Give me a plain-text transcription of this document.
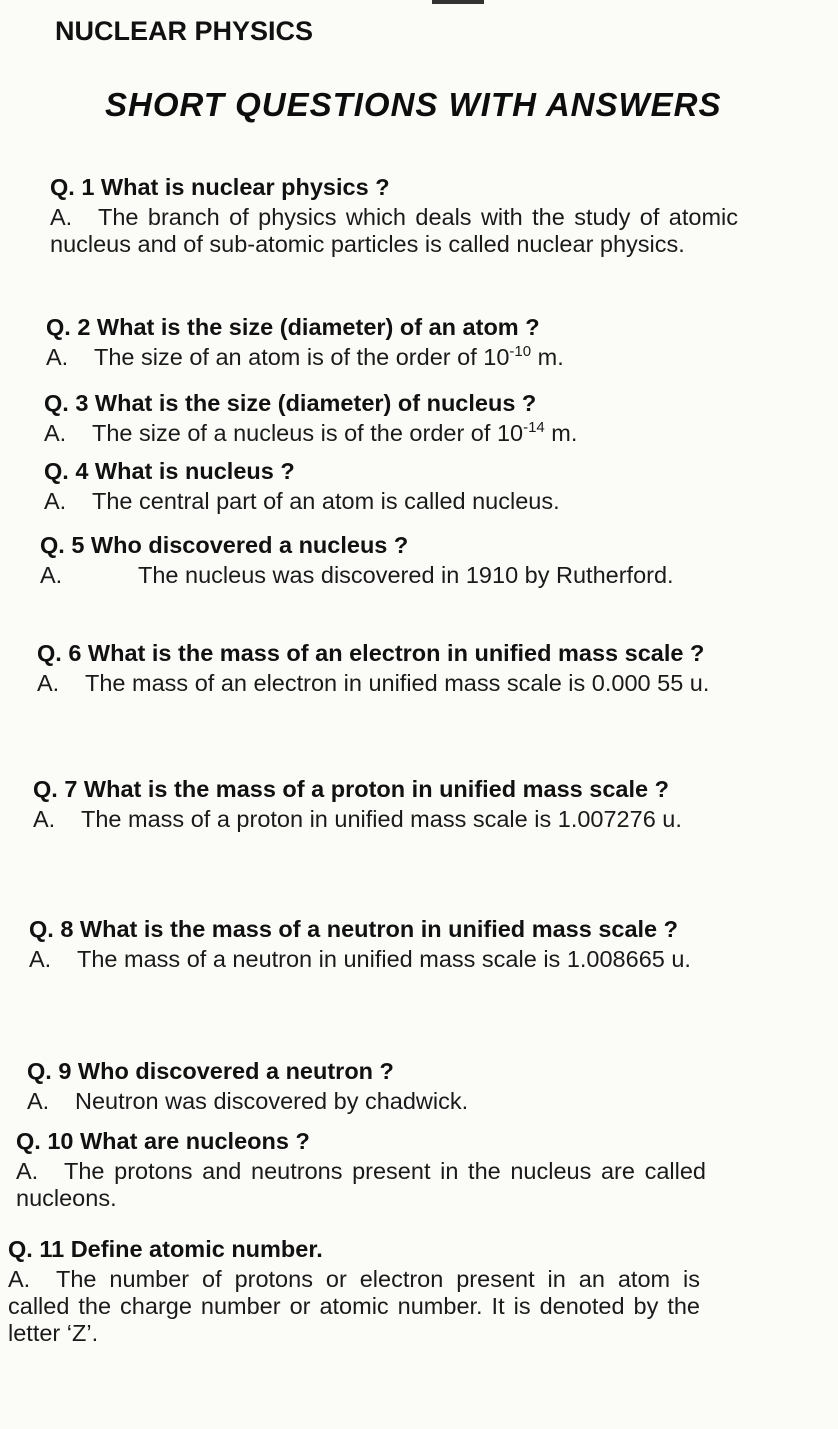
NUCLEAR PHYSICS
SHORT QUESTIONS WITH ANSWERS
Q. 1 What is nuclear physics ?
A. The branch of physics which deals with the study of atomic nucleus and of sub-atomic particles is called nuclear physics.
Q. 2 What is the size (diameter) of an atom ?
A. The size of an atom is of the order of $10^{-10}$ m.
Q. 3 What is the size (diameter) of nucleus ?
A. The size of a nucleus is of the order of $10^{-14}$ m.
Q. 4 What is nucleus ?
A. The central part of an atom is called nucleus.
Q. 5 Who discovered a nucleus ?
A.	The nucleus was discovered in 1910 by Rutherford.
Q. 6 What is the mass of an electron in unified mass scale ?
A. The mass of an electron in unified mass scale is 0.000 55 u.
Q. 7 What is the mass of a proton in unified mass scale ?
A. The mass of a proton in unified mass scale is 1.007276 u.
Q. 8 What is the mass of a neutron in unified mass scale ?
A. The mass of a neutron in unified mass scale is 1.008665 u.
Q. 9 Who discovered a neutron ?
A. Neutron was discovered by chadwick.
Q. 10 What are nucleons ?
A. The protons and neutrons present in the nucleus are called nucleons.
Q. 11 Define atomic number.
A. The number of protons or electron present in an atom is called the charge number or atomic number. It is denoted by the letter ‘Z’.
